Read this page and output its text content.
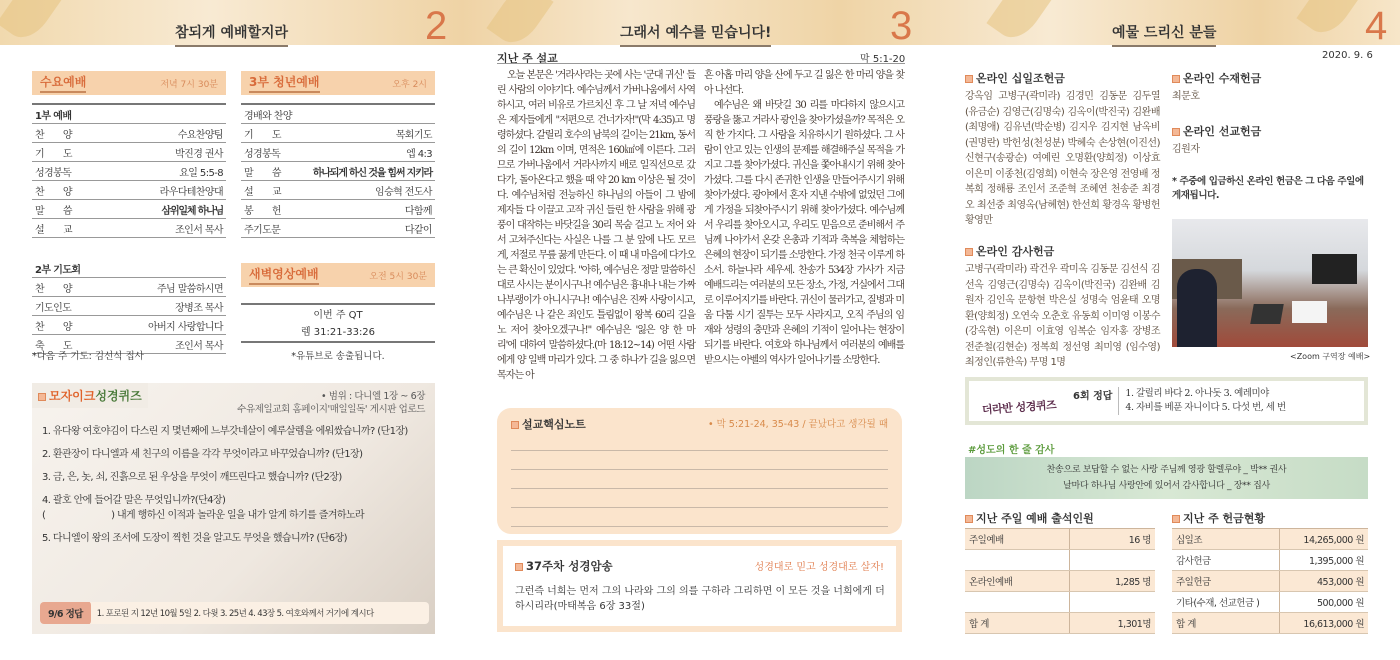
참되게 예배할지라	2	그래서 예수를 믿습니다!	3	예물 드리신 분들	4
수요예배	저녁 7시 30분
1부 예배
찬　　양	수요찬양팀
기　　도	박진경 권사
성경봉독	요일 5:5-8
찬　　양	라우다테찬양대
말　　씀	삼위일체 하나님
설　　교	조인서 목사
2부 기도회
찬　　양	주님 말씀하시면
기도인도	장병조 목사
찬　　양	아버지 사랑합니다
축　　도	조인서 목사
*다음 주 기도: 김선식 집사
3부 청년예배	오후 2시
경배와 찬양
기　　도	목회기도
성경봉독	엡 4:3
말　　씀	하나되게 하신 것을 힘써 지키라
설　　교	임승혁 전도사
봉　　헌	다함께
주기도문	다같이
새벽영상예배	오전 5시 30분
이번 주 QT
렘 31:21-33:26
*유튜브로 송출됩니다.
모자이크성경퀴즈	• 범위 : 다니엘 1장 ~ 6장
수유제일교회 홈페이지'매일일독' 게시판 업로드
1. 유다왕 여호야김이 다스린 지 몇년째에 느부갓네살이 예루살렘을 에워쌌습니까? (단1장)
2. 환관장이 다니엘과 세 친구의 이름을 각각 무엇이라고 바꾸었습니까? (단1장)
3. 금, 은, 놋, 쇠, 진흙으로 된 우상을 무엇이 깨뜨린다고 했습니까? (단2장)
4. 괄호 안에 들어갈 말은 무엇입니까?(단4장)
(　　　　　　　) 내게 행하신 이적과 놀라운 일을 내가 알게 하기를 즐겨하노라
5. 다니엘이 왕의 조서에 도장이 찍힌 것을 알고도 무엇을 했습니까? (단6장)
9/6 정답	1. 포로된 지 12년 10월 5일 2. 다윗 3. 25년 4. 43장 5. 여호와께서 거기에 계시다
지난 주 설교	막 5:1-20
오늘 본문은 '거라사'라는 곳에 사는 '군대 귀신' 들린 사람의 이야기다. 예수님께서 가버나움에서 사역하시고, 여러 비유로 가르치신 후 그 날 저녁 예수님은 제자들에게 "저편으로 건너가자!"(막 4:35)고 명령하셨다. 갈릴리 호수의 남북의 길이는 21km, 동서의 길이 12km 이며, 면적은 160㎢에 이른다. 그러므로 가버나움에서 거라사까지 배로 일직선으로 갔다가, 돌아온다고 했을 때 약 20 km 이상은 될 것이다. 예수님처럼 전능하신 하나님의 아들이 그 밤에 제자들 다 이끌고 고작 귀신 들린 한 사람을 위해 광풍이 대작하는 바닷길을 30리 목숨 걸고 노 저어 와서 고쳐주신다는 사실은 나를 그 분 앞에 나도 모르게, 저절로 무릎 꿇게 만든다. 이 때 내 마음에 다가오는 큰 확신이 있었다. "아하, 예수님은 정말 말씀하신 대로 사시는 분이시구나! 예수님은 흉내나 내는 가짜 나부랭이가 아니시구나! 예수님은 진짜 사랑이시고, 예수님은 나 같은 죄인도 틀림없이 왕복 60리 길을 노 저어 찾아오겠구나!" 예수님은 '잃은 양 한 마리'에 대하여 말씀하셨다.(마 18:12~14) 어떤 사람에게 양 일백 마리가 있다. 그 중 하나가 길을 잃으면 목자는 아

흔 아홉 마리 양을 산에 두고 길 잃은 한 마리 양을 찾아 나선다.

예수님은 왜 바닷길 30 리를 마다하지 않으시고 풍랑을 뚫고 거라사 광인을 찾아가셨을까? 목적은 오직 한 가지다. 그 사람을 치유하시기 원하셨다. 그 사람이 안고 있는 인생의 문제를 해결해주실 목적을 가지고 그를 찾아가셨다. 귀신을 쫓아내시기 위해 찾아가셨다. 그를 다시 존귀한 인생을 만들어주시기 위해 찾아가셨다. 광야에서 혼자 지낸 수밖에 없었던 그에게 가정을 되찾아주시기 위해 찾아가셨다. 예수님께서 우리를 찾아오시고, 우리도 믿음으로 준비해서 주님께 나아가서 온갖 은총과 기적과 축복을 체험하는 은혜의 현장이 되기를 소망한다. 가정 천국 이루게 하소서. 하늘나라 세우세. 찬송가 534장 가사가 지금 예배드리는 여러분의 모든 장소, 가정, 거실에서 그대로 이루어지기를 바란다. 귀신이 물러가고, 질병과 미움 다툼 시기 질투는 모두 사라지고, 오직 주님의 임재와 성령의 충만과 은혜의 기적이 일어나는 현장이 되기를 바란다. 여호와 하나님께서 여러분의 예배를 받으시는 아벨의 역사가 일어나기를 소망한다.

설교핵심노트	• 막 5:21-24, 35-43 / 끝났다고 생각될 때
37주차 성경암송	성경대로 믿고 성경대로 살자!
그런즉 너희는 먼저 그의 나라와 그의 의를 구하라 그리하면 이 모든 것을 너희에게 더하시리라(마태복음 6장 33절)
2020. 9. 6
온라인 십일조헌금
강옥임 고병구(곽미라) 김경민 김동문 김두열 (유금순) 김영근(김명숙) 김옥이(박진국) 김완배 (최명애) 김유년(박순병) 김지우 김지현 남옥비 (권명란) 박헌성(천성분) 박혜숙 손상현(이진선) 신현구(송광순) 여예린 오명환(양희정) 이상효 이은미 이종천(김영희) 이현숙 장은영 전영배 정복희 정해룡 조인서 조준혁 조혜연 천송준 최경오 최선중 최영옥(남혜현) 한선희 황경옥 황병헌 황영만
온라인 감사헌금
고병구(곽미라) 곽건우 곽미옥 김동문 김선식 김선옥 김영근(김명숙) 김옥이(박진국) 김완배 김원자 김인옥 문항현 박은실 성명숙 엄윤태 오명환(양희정) 오연숙 오춘호 유동희 이미영 이봉수(강옥현) 이은미 이효영 임복순 임자홍 장병조 전준철(김현순) 정복희 정선영 최미영 (임수영) 최정인(류한옥) 무명 1명
온라인 수재헌금
최문호
온라인 선교헌금
김원자
* 주중에 입금하신 온라인 헌금은 그 다음 주일에 게재됩니다.
<Zoom 구역장 예배>
더라반 성경퀴즈
6회 정답 1. 갈릴리 바다 2. 아나돗 3. 예레미야
4. 자비를 베푼 자니이다 5. 다섯 번, 세 번
#성도의 한 줄 감사
찬송으로 보답할 수 없는 사랑 주님께 영광 할렐루야 _ 박** 권사
날마다 하나님 사랑안에 있어서 감사합니다 _ 장** 집사
지난 주일 예배 출석인원
주일예배	16 명
온라인예배	1,285 명
합 계	1,301명
지난 주 헌금현황
십일조	14,265,000 원
감사헌금	1,395,000 원
주일헌금	453,000 원
기타(수재, 선교헌금 )	500,000 원
합 계	16,613,000 원
